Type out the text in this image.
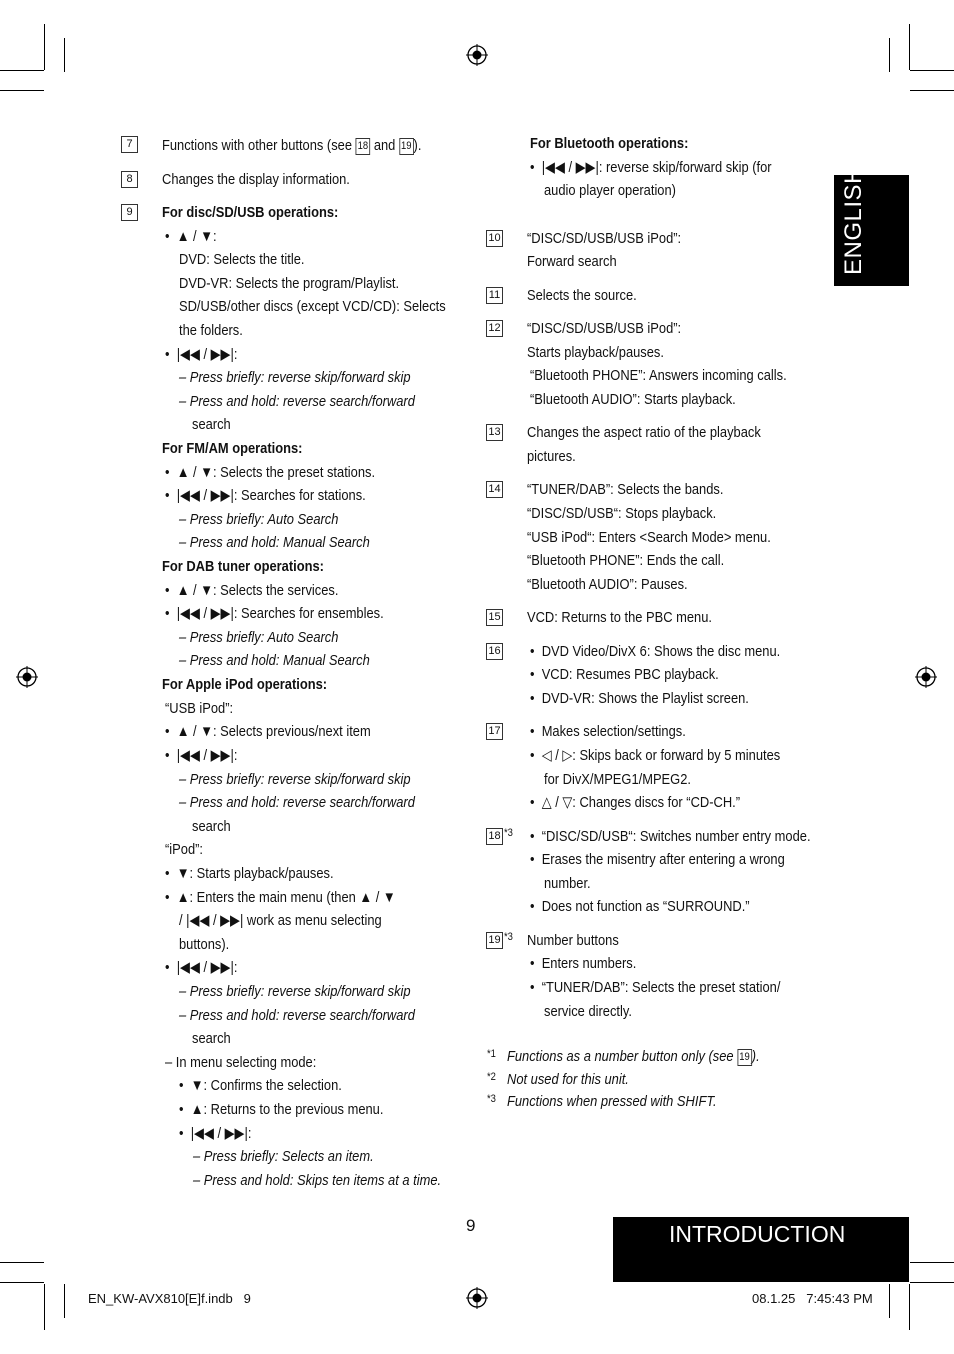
ENGLISH
7	Functions with other buttons (see 18 and 19 ).
8	Changes the display information.
9	For disc/SD/USB operations:
•  ▲ / ▼:
DVD: Selects the title.
DVD-VR: Selects the program/Playlist.
SD/USB/other discs (except VCD/CD): Selects
the folders.
•  |◀◀ / ▶▶|:
– Press briefly: reverse skip/forward skip
– Press and hold: reverse search/forward
search
For FM/AM operations:
•  ▲ / ▼: Selects the preset stations.
•  |◀◀ / ▶▶|: Searches for stations.
– Press briefly: Auto Search
– Press and hold: Manual Search
For DAB tuner operations:
•  ▲ / ▼: Selects the services.
•  |◀◀ / ▶▶|: Searches for ensembles.
– Press briefly: Auto Search
– Press and hold: Manual Search
For Apple iPod operations:
“USB iPod”:
•  ▲ / ▼: Selects previous/next item
•  |◀◀ / ▶▶|:
– Press briefly: reverse skip/forward skip
– Press and hold: reverse search/forward
search
“iPod”:
•  ▼: Starts playback/pauses.
•  ▲: Enters the main menu (then ▲ / ▼
/ |◀◀ / ▶▶| work as menu selecting
buttons).
•  |◀◀ / ▶▶|:
– Press briefly: reverse skip/forward skip
– Press and hold: reverse search/forward
search
– In menu selecting mode:
•  ▼: Confirms the selection.
•  ▲: Returns to the previous menu.
•  |◀◀ / ▶▶|:
– Press briefly: Selects an item.
– Press and hold: Skips ten items at a time.
For Bluetooth operations:
•  |◀◀ / ▶▶|: reverse skip/forward skip (for
audio player operation)
10 “DISC/SD/USB/USB iPod”:
Forward search
11 Selects the source.
12 “DISC/SD/USB/USB iPod”:
Starts playback/pauses.
“Bluetooth PHONE”: Answers incoming calls.
“Bluetooth AUDIO”: Starts playback.
13 Changes the aspect ratio of the playback
pictures.
14 “TUNER/DAB”: Selects the bands.
“DISC/SD/USB“: Stops playback.
“USB iPod“: Enters <Search Mode> menu.
“Bluetooth PHONE”: Ends the call.
“Bluetooth AUDIO”: Pauses.
15 VCD: Returns to the PBC menu.
16 •  DVD Video/DivX 6: Shows the disc menu.
•  VCD: Resumes PBC playback.
•  DVD-VR: Shows the Playlist screen.
17 •  Makes selection/settings.
•  ◁ / ▷: Skips back or forward by 5 minutes
for DivX/MPEG1/MPEG2.
•  △ / ▽: Changes discs for “CD-CH.”
18 *3 •  “DISC/SD/USB“: Switches number entry mode.
•  Erases the misentry after entering a wrong
number.
•  Does not function as “SURROUND.”
19 *3 Number buttons
•  Enters numbers.
•  “TUNER/DAB”: Selects the preset station/
service directly.
*1 Functions as a number button only (see 19 ).
*2 Not used for this unit.
*3 Functions when pressed with SHIFT.
9	INTRODUCTION
EN_KW-AVX810[E]f.indb   9	08.1.25   7:45:43 PM
